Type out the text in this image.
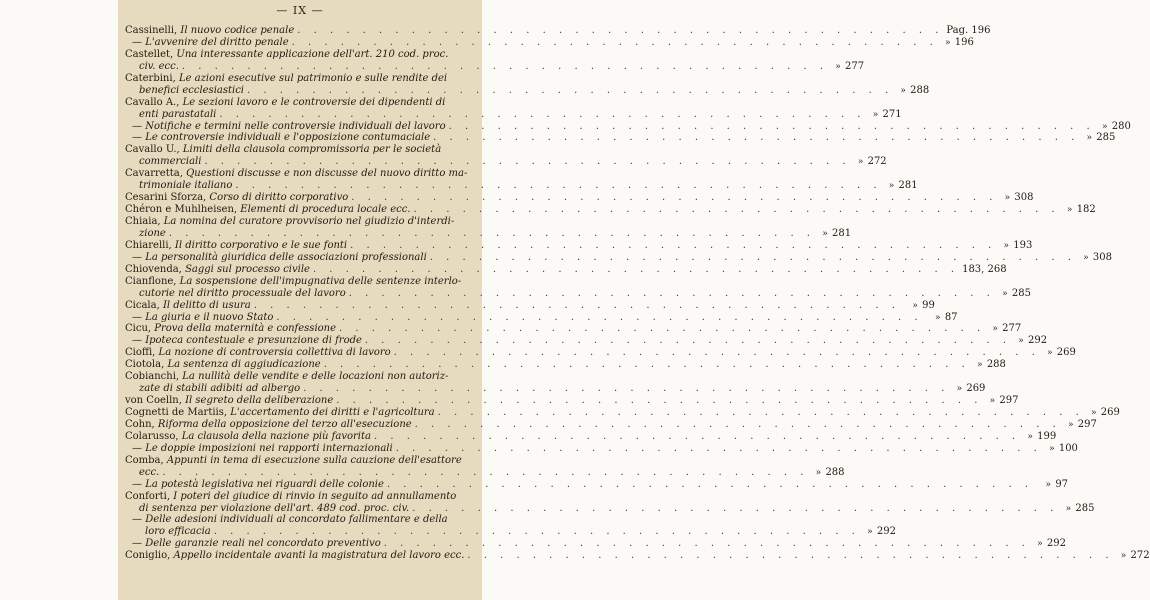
— IX —
Cassinelli, Il nuovo codice penale . . .	Pag. 196
— L'avvenire del diritto penale . . .	» 196
Castellet, Una interessante applicazione dell'art. 210 cod. proc.
civ. ecc. . . .	» 277
Caterbini, Le azioni esecutive sul patrimonio e sulle rendite dei
benefici ecclesiastici . . .	» 288
Cavallo A., Le sezioni lavoro e le controversie dei dipendenti di
enti parastatali . . .	» 271
— Notifiche e termini nelle controversie individuali del lavoro . . .	» 280
— Le controversie individuali e l'opposizione contumaciale . . .	» 285
Cavallo U., Limiti della clausola compromissoria per le società
commerciali . . .	» 272
Cavarretta, Questioni discusse e non discusse del nuovo diritto ma-
trimoniale italiano . . .	» 281
Cesarini Sforza, Corso di diritto corporativo . . .	» 308
Chéron e Muhlheisen, Elementi di procedura locale ecc. . . .	» 182
Chiaia, La nomina del curatore provvisorio nel giudizio d'interdi-
zione . . .	» 281
Chiarelli, Il diritto corporativo e le sue fonti . . .	» 193
— La personalità giuridica delle associazioni professionali . . .	» 308
Chiovenda, Saggi sul processo civile . . .	183, 268
Cianflone, La sospensione dell'impugnativa delle sentenze interlo-
cutorie nel diritto processuale del lavoro . . .	» 285
Cicala, Il delitto di usura . . .	» 99
— La giuria e il nuovo Stato . . .	» 87
Cicu, Prova della maternità e confessione . . .	» 277
— Ipoteca contestuale e presunzione di frode . . .	» 292
Cioffi, La nozione di controversia collettiva di lavoro . . .	» 269
Ciotola, La sentenza di aggiudicazione . . .	» 288
Cobianchi, La nullità delle vendite e delle locazioni non autoriz-
zate di stabili adibiti ad albergo . . .	» 269
von Coelln, Il segreto della deliberazione . . .	» 297
Cognetti de Martiis, L'accertamento dei diritti e l'agricoltura . . .	» 269
Cohn, Riforma della opposizione del terzo all'esecuzione . . .	» 297
Colarusso, La clausola della nazione più favorita . . .	» 199
— Le doppie imposizioni nei rapporti internazionali . . .	» 100
Comba, Appunti in tema di esecuzione sulla cauzione dell'esattore
ecc. . . .	» 288
— La potestà legislativa nei riguardi delle colonie . . .	» 97
Conforti, I poteri del giudice di rinvio in seguito ad annullamento
di sentenza per violazione dell'art. 489 cod. proc. civ. . . .	» 285
— Delle adesioni individuali al concordato fallimentare e della
loro efficacia . . .	» 292
— Delle garanzie reali nel concordato preventivo . . .	» 292
Coniglio, Appello incidentale avanti la magistratura del lavoro ecc. . . .	» 272
